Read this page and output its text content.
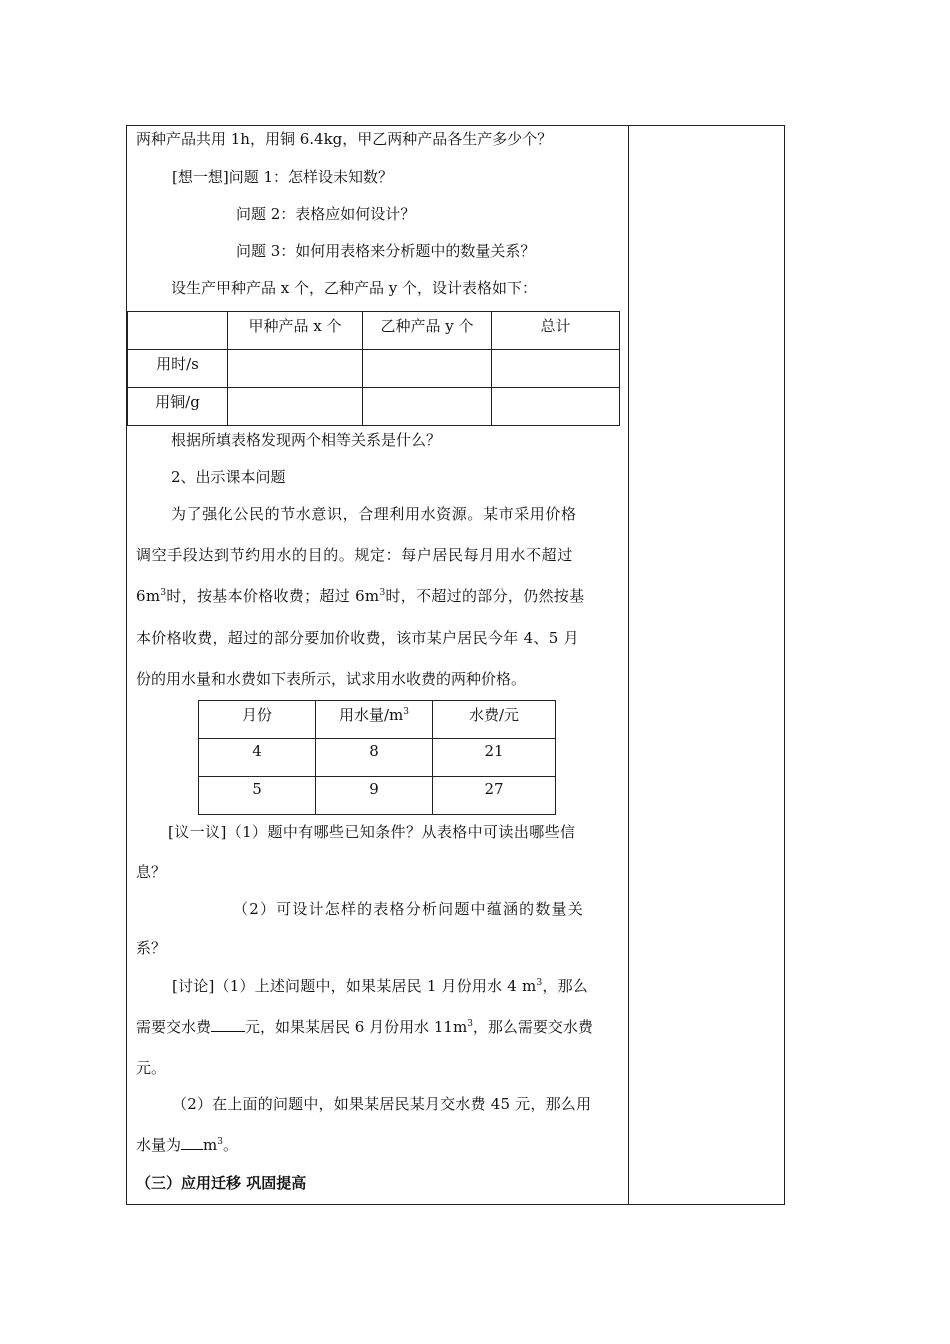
两种产品共用 1h，用铜 6.4kg，甲乙两种产品各生产多少个？
[想一想]问题 1：怎样设未知数？
问题 2：表格应如何设计？
问题 3：如何用表格来分析题中的数量关系？
设生产甲种产品 x 个，乙种产品 y 个，设计表格如下：
	甲种产品 x 个	乙种产品 y 个	总计
用时/s			
用铜/g			
根据所填表格发现两个相等关系是什么？
2、出示课本问题
为了强化公民的节水意识，合理利用水资源。某市采用价格
调空手段达到节约用水的目的。规定：每户居民每月用水不超过
$6m^3$时，按基本价格收费；超过 $6m^3$时，不超过的部分，仍然按基
本价格收费，超过的部分要加价收费，该市某户居民今年 4、5 月
份的用水量和水费如下表所示，试求用水收费的两种价格。
月份	用水量$/m^3$	水费/元
4	8	21
5	9	27
[议一议]（1）题中有哪些已知条件？从表格中可读出哪些信
息？
（2）可设计怎样的表格分析问题中蕴涵的数量关
系？
[讨论]（1）上述问题中，如果某居民 1 月份用水 4 $m^3$，那么
需要交水费 元，如果某居民 6 月份用水 $11m^3$，那么需要交水费
元。
（2）在上面的问题中，如果某居民某月交水费 45 元，那么用
水量为 $m^3$。
（三）应用迁移 巩固提高
